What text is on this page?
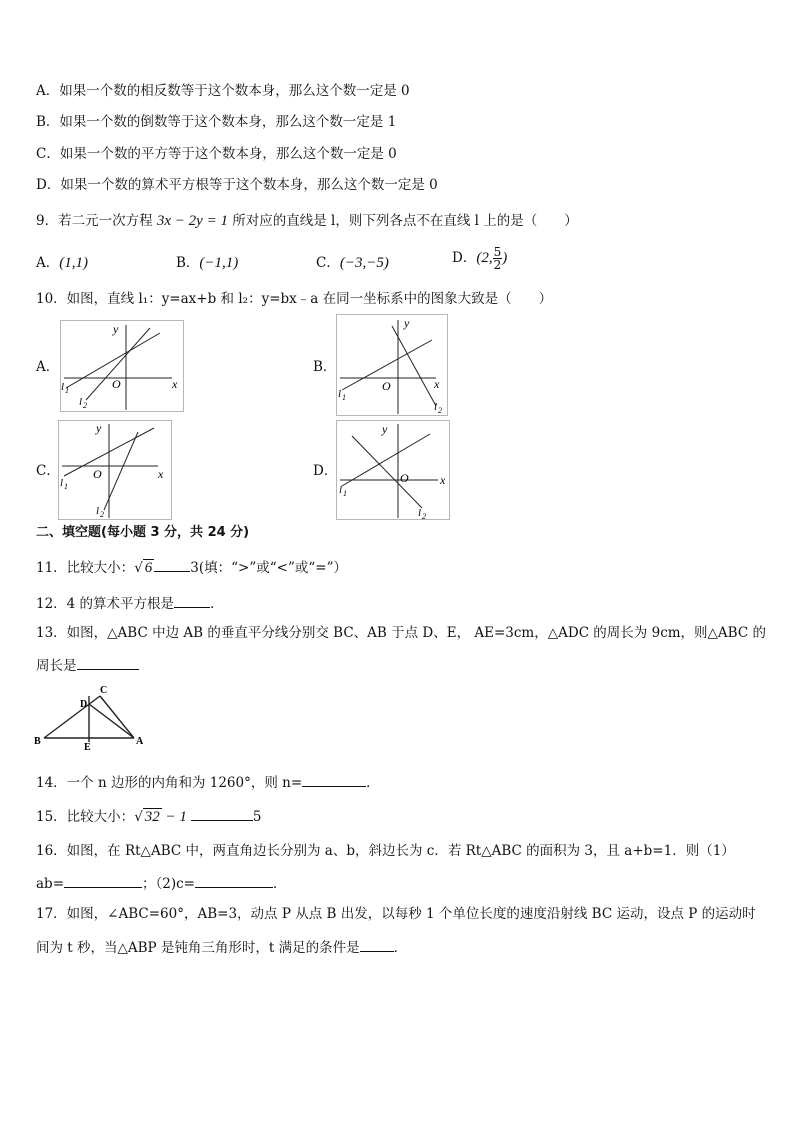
A．如果一个数的相反数等于这个数本身，那么这个数一定是 0
B．如果一个数的倒数等于这个数本身，那么这个数一定是 1
C．如果一个数的平方等于这个数本身，那么这个数一定是 0
D．如果一个数的算术平方根等于这个数本身，那么这个数一定是 0
9．若二元一次方程 3x − 2y = 1 所对应的直线是 l，则下列各点不在直线 l 上的是（　　）
A．(1,1)	B．(−1,1)	C．(−3,−5)	D．(2, $\frac{5}{2}$ )
10．如图，直线 l₁：y=ax+b 和 l₂：y=bx﹣a 在同一坐标系中的图象大致是（　　）
A．
y
x
O
l 1
l 2
B．
y
x
O
l 1
l 2
C．
y
x
O
l 1
l 2
D．
y
x
O
l 1
l 2
二、填空题(每小题 3 分，共 24 分)
11．比较大小：√ 6	3(填：“>”或“<”或“=”）
12．4 的算术平方根是	．
13．如图，△ABC 中边 AB 的垂直平分线分别交 BC、AB 于点 D、E， AE=3cm，△ADC 的周长为 9cm，则△ABC 的
周长是
B	A
C
D
E
14．一个 n 边形的内角和为 1260°，则 n=	．
15．比较大小：√ 32 − 1	5
16．如图，在 Rt△ABC 中，两直角边长分别为 a、b，斜边长为 c．若 Rt△ABC 的面积为 3，且 a+b=1．则（1）
ab=	；（2)c=	．
17．如图，∠ABC=60°，AB=3，动点 P 从点 B 出发，以每秒 1 个单位长度的速度沿射线 BC 运动，设点 P 的运动时
间为 t 秒，当△ABP 是钝角三角形时，t 满足的条件是	．
